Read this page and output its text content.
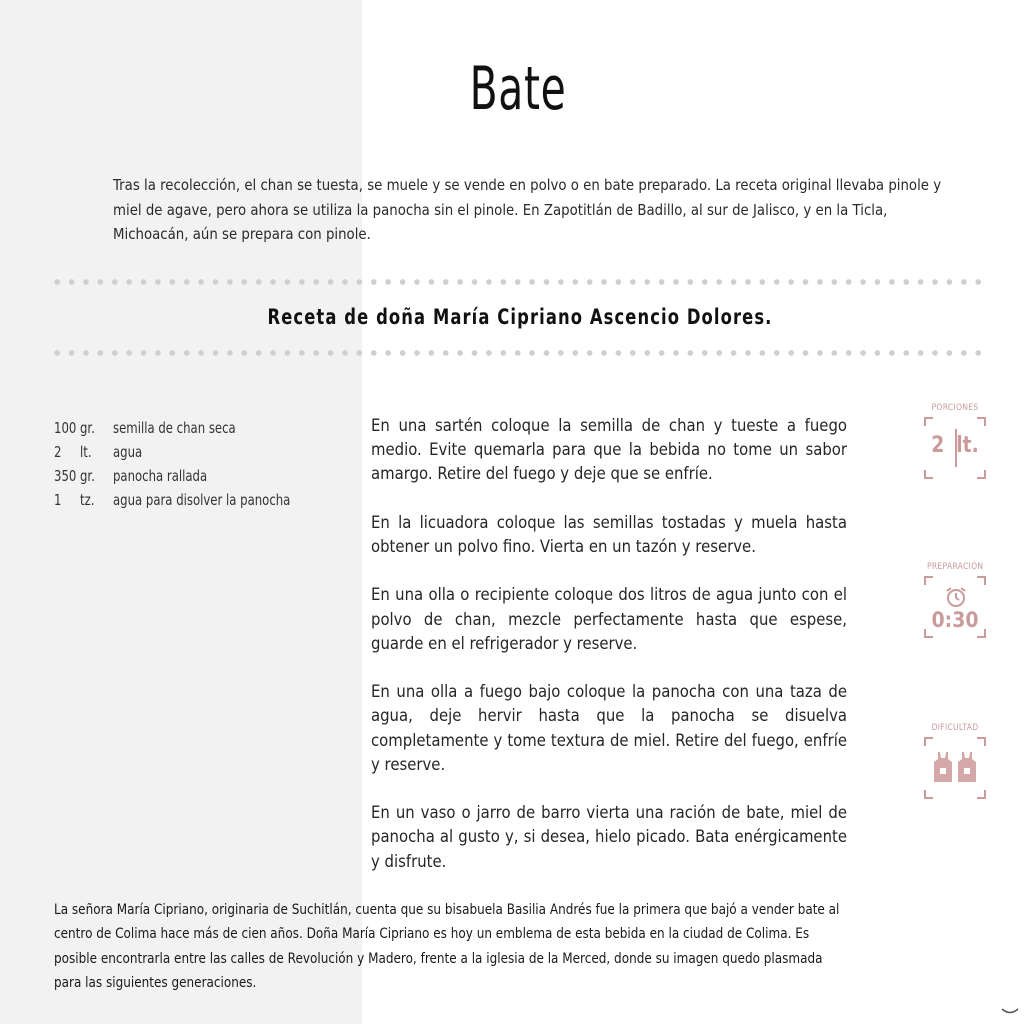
Bate

Tras la recolección, el chan se tuesta, se muele y se vende en polvo o en bate preparado. La receta original llevaba pinole y miel de agave, pero ahora se utiliza la panocha sin el pinole. En Zapotitlán de Badillo, al sur de Jalisco, y en la Ticla, Michoacán, aún se prepara con pinole.

Receta de doña María Cipriano Ascencio Dolores.
100 gr. semilla de chan seca
2 lt. agua
350 gr. panocha rallada
1 tz. agua para disolver la panocha

En una sartén coloque la semilla de chan y tueste a fuego medio. Evite quemarla para que la bebida no tome un sabor amargo. Retire del fuego y deje que se enfríe.

En la licuadora coloque las semillas tostadas y muela hasta obtener un polvo fino. Vierta en un tazón y reserve.

En una olla o recipiente coloque dos litros de agua junto con el polvo de chan, mezcle perfectamente hasta que espese, guarde en el refrigerador y reserve.

En una olla a fuego bajo coloque la panocha con una taza de agua, deje hervir hasta que la panocha se disuelva completamente y tome textura de miel. Retire del fuego, enfríe y reserve.

En un vaso o jarro de barro vierta una ración de bate, miel de panocha al gusto y, si desea, hielo picado. Bata enérgicamente y disfrute.

PORCIONES
2 lt.
PREPARACIÓN
0:30
DIFICULTAD

La señora María Cipriano, originaria de Suchitlán, cuenta que su bisabuela Basilia Andrés fue la primera que bajó a vender bate al centro de Colima hace más de cien años. Doña María Cipriano es hoy un emblema de esta bebida en la ciudad de Colima. Es posible encontrarla entre las calles de Revolución y Madero, frente a la iglesia de la Merced, donde su imagen quedo plasmada para las siguientes generaciones.
